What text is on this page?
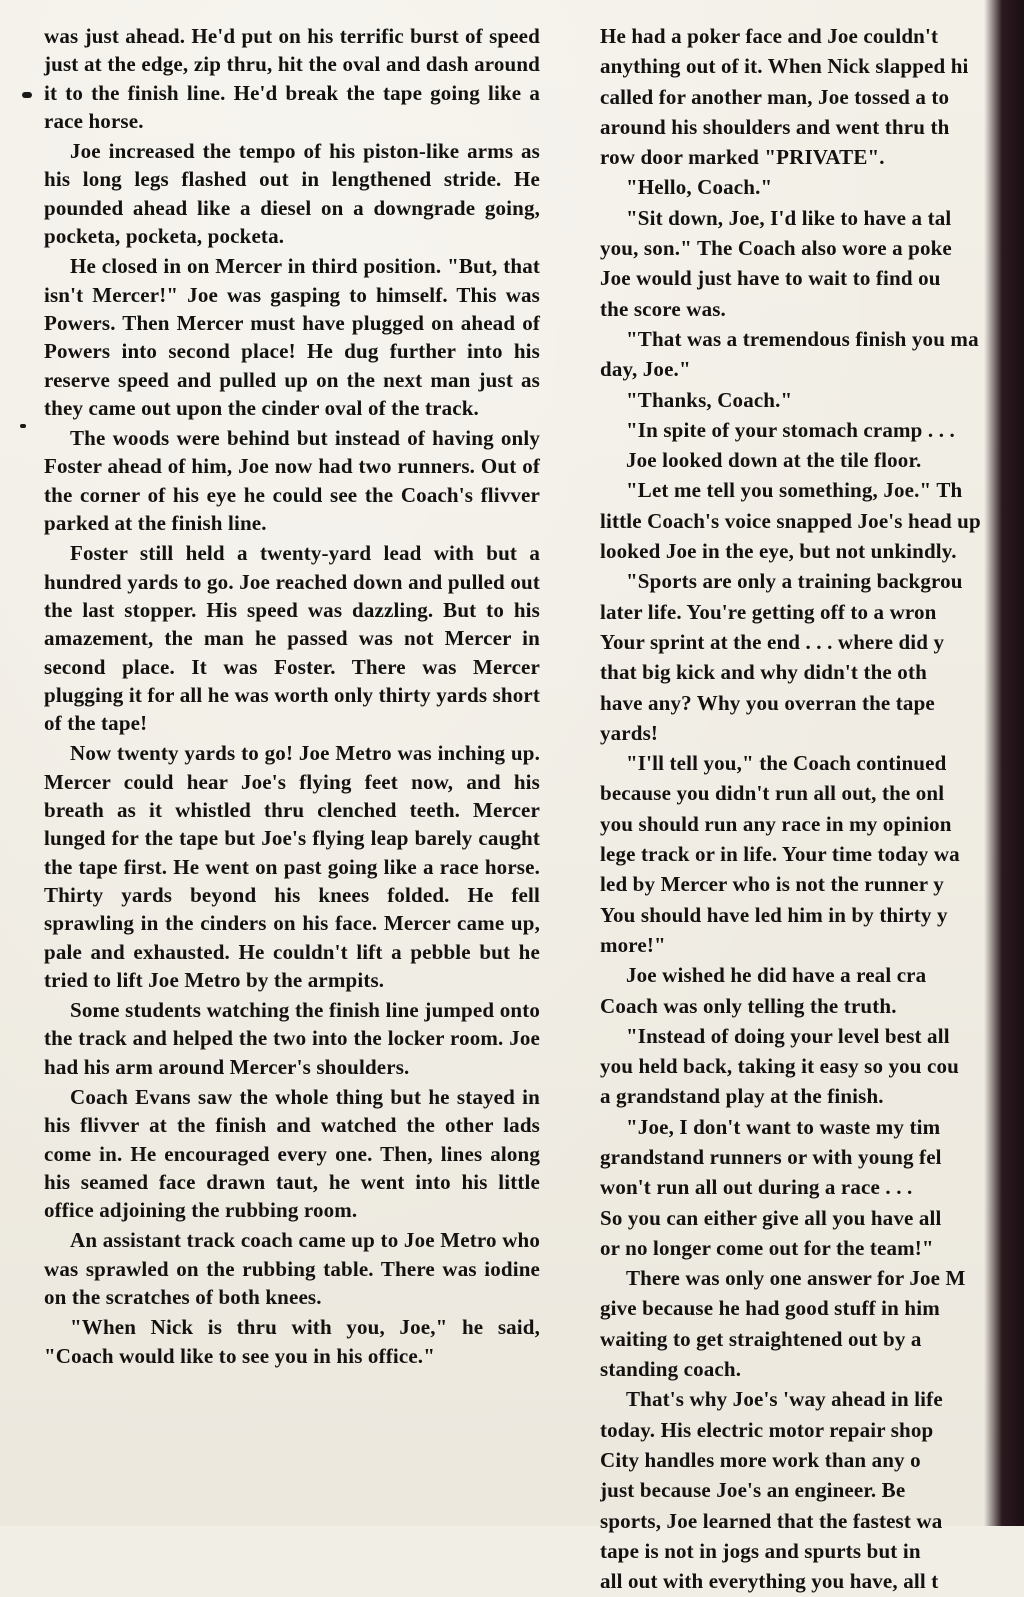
was just ahead. He'd put on his terrific burst of speed just at the edge, zip thru, hit the oval and dash around it to the finish line. He'd break the tape going like a race horse.

Joe increased the tempo of his piston-like arms as his long legs flashed out in lengthened stride. He pounded ahead like a diesel on a downgrade going, pocketa, pocketa, pocketa.

He closed in on Mercer in third position. "But, that isn't Mercer!" Joe was gasping to himself. This was Powers. Then Mercer must have plugged on ahead of Powers into second place! He dug further into his reserve speed and pulled up on the next man just as they came out upon the cinder oval of the track.

The woods were behind but instead of having only Foster ahead of him, Joe now had two runners. Out of the corner of his eye he could see the Coach's flivver parked at the finish line.

Foster still held a twenty-yard lead with but a hundred yards to go. Joe reached down and pulled out the last stopper. His speed was dazzling. But to his amazement, the man he passed was not Mercer in second place. It was Foster. There was Mercer plugging it for all he was worth only thirty yards short of the tape!

Now twenty yards to go! Joe Metro was inching up. Mercer could hear Joe's flying feet now, and his breath as it whistled thru clenched teeth. Mercer lunged for the tape but Joe's flying leap barely caught the tape first. He went on past going like a race horse. Thirty yards beyond his knees folded. He fell sprawling in the cinders on his face. Mercer came up, pale and exhausted. He couldn't lift a pebble but he tried to lift Joe Metro by the armpits.

Some students watching the finish line jumped onto the track and helped the two into the locker room. Joe had his arm around Mercer's shoulders.

Coach Evans saw the whole thing but he stayed in his flivver at the finish and watched the other lads come in. He encouraged every one. Then, lines along his seamed face drawn taut, he went into his little office adjoining the rubbing room.

An assistant track coach came up to Joe Metro who was sprawled on the rubbing table. There was iodine on the scratches of both knees.

"When Nick is thru with you, Joe," he said, "Coach would like to see you in his office."

He had a poker face and Joe couldn't

anything out of it. When Nick slapped hi

called for another man, Joe tossed a to

around his shoulders and went thru th

row door marked "PRIVATE".

"Hello, Coach."

"Sit down, Joe, I'd like to have a tal

you, son." The Coach also wore a poke

Joe would just have to wait to find ou

the score was.

"That was a tremendous finish you ma

day, Joe."

"Thanks, Coach."

"In spite of your stomach cramp . . .

Joe looked down at the tile floor.

"Let me tell you something, Joe." Th

little Coach's voice snapped Joe's head up

looked Joe in the eye, but not unkindly.

"Sports are only a training backgrou

later life. You're getting off to a wron

Your sprint at the end . . . where did y

that big kick and why didn't the oth

have any? Why you overran the tape

yards!

"I'll tell you," the Coach continued

because you didn't run all out, the onl

you should run any race in my opinion

lege track or in life. Your time today wa

led by Mercer who is not the runner y

You should have led him in by thirty y

more!"

Joe wished he did have a real cra

Coach was only telling the truth.

"Instead of doing your level best all

you held back, taking it easy so you cou

a grandstand play at the finish.

"Joe, I don't want to waste my tim

grandstand runners or with young fel

won't run all out during a race . . .

So you can either give all you have all

or no longer come out for the team!"

There was only one answer for Joe M

give because he had good stuff in him

waiting to get straightened out by a

standing coach.

That's why Joe's 'way ahead in life

today. His electric motor repair shop

City handles more work than any o

just because Joe's an engineer. Be

sports, Joe learned that the fastest wa

tape is not in jogs and spurts but in

all out with everything you have, all t
